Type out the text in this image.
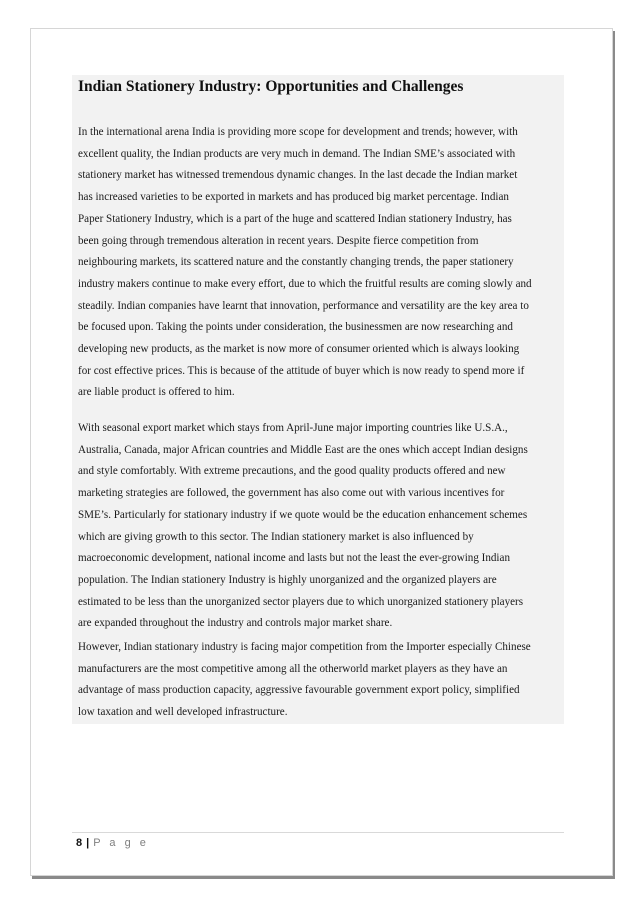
Indian Stationery Industry: Opportunities and Challenges
In the international arena India is providing more scope for development and trends; however, with
excellent quality, the Indian products are very much in demand. The Indian SME’s associated with
stationery market has witnessed tremendous dynamic changes. In the last decade the Indian market
has increased varieties to be exported in markets and has produced big market percentage. Indian
Paper Stationery Industry, which is a part of the huge and scattered Indian stationery Industry, has
been going through tremendous alteration in recent years. Despite fierce competition from
neighbouring markets, its scattered nature and the constantly changing trends, the paper stationery
industry makers continue to make every effort, due to which the fruitful results are coming slowly and
steadily. Indian companies have learnt that innovation, performance and versatility are the key area to
be focused upon. Taking the points under consideration, the businessmen are now researching and
developing new products, as the market is now more of consumer oriented which is always looking
for cost effective prices. This is because of the attitude of buyer which is now ready to spend more if
are liable product is offered to him.
With seasonal export market which stays from April-June major importing countries like U.S.A.,
Australia, Canada, major African countries and Middle East are the ones which accept Indian designs
and style comfortably. With extreme precautions, and the good quality products offered and new
marketing strategies are followed, the government has also come out with various incentives for
SME’s. Particularly for stationary industry if we quote would be the education enhancement schemes
which are giving growth to this sector. The Indian stationery market is also influenced by
macroeconomic development, national income and lasts but not the least the ever-growing Indian
population. The Indian stationery Industry is highly unorganized and the organized players are
estimated to be less than the unorganized sector players due to which unorganized stationery players
are expanded throughout the industry and controls major market share.
However, Indian stationary industry is facing major competition from the Importer especially Chinese
manufacturers are the most competitive among all the otherworld market players as they have an
advantage of mass production capacity, aggressive favourable government export policy, simplified
low taxation and well developed infrastructure.
8 | P a g e
